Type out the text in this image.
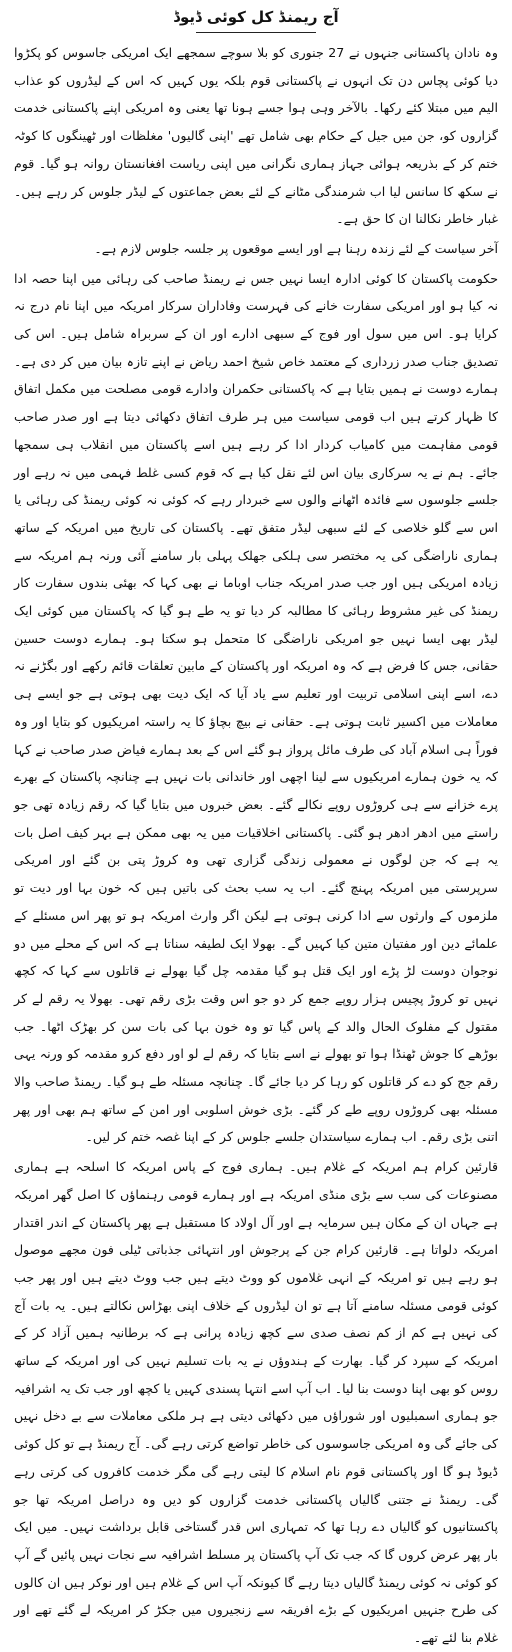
آج ریمنڈ کل کوئی ڈیوڈ

وہ نادان پاکستانی جنہوں نے 27 جنوری کو بلا سوچے سمجھے ایک امریکی جاسوس کو پکڑوا دیا کوئی پچاس دن تک انہوں نے پاکستانی قوم بلکہ یوں کہیں کہ اس کے لیڈروں کو عذاب الیم میں مبتلا کئے رکھا۔ بالآخر وہی ہوا جسے ہونا تھا یعنی وہ امریکی اپنے پاکستانی خدمت گزاروں کو، جن میں جیل کے حکام بھی شامل تھے 'اپنی گالیوں' مغلظات اور ٹھینگوں کا کوٹہ ختم کر کے بذریعہ ہوائی جہاز ہماری نگرانی میں اپنی ریاست افغانستان روانہ ہو گیا۔ قوم نے سکھ کا سانس لیا اب شرمندگی مٹانے کے لئے بعض جماعتوں کے لیڈر جلوس کر رہے ہیں۔ غبار خاطر نکالنا ان کا حق ہے۔

آخر سیاست کے لئے زندہ رہنا ہے اور ایسے موقعوں پر جلسہ جلوس لازم ہے۔

حکومت پاکستان کا کوئی ادارہ ایسا نہیں جس نے ریمنڈ صاحب کی رہائی میں اپنا حصہ ادا نہ کیا ہو اور امریکی سفارت خانے کی فہرست وفاداران سرکار امریکہ میں اپنا نام درج نہ کرایا ہو۔ اس میں سول اور فوج کے سبھی ادارے اور ان کے سربراہ شامل ہیں۔ اس کی تصدیق جناب صدر زرداری کے معتمد خاص شیخ احمد ریاض نے اپنے تازہ بیان میں کر دی ہے۔ ہمارے دوست نے ہمیں بتایا ہے کہ پاکستانی حکمران وادارے قومی مصلحت میں مکمل اتفاق کا ظہار کرتے ہیں اب قومی سیاست میں ہر طرف اتفاق دکھائی دیتا ہے اور صدر صاحب قومی مفاہمت میں کامیاب کردار ادا کر رہے ہیں اسے پاکستان میں انقلاب ہی سمجھا جائے۔ ہم نے یہ سرکاری بیان اس لئے نقل کیا ہے کہ قوم کسی غلط فہمی میں نہ رہے اور جلسے جلوسوں سے فائدہ اٹھانے والوں سے خبردار رہے کہ کوئی نہ کوئی ریمنڈ کی رہائی یا اس سے گلو خلاصی کے لئے سبھی لیڈر متفق تھے۔ پاکستان کی تاریخ میں امریکہ کے ساتھ ہماری ناراضگی کی یہ مختصر سی ہلکی جھلک پہلی بار سامنے آئی ورنہ ہم امریکہ سے زیادہ امریکی ہیں اور جب صدر امریکہ جناب اوباما نے بھی کہا کہ بھئی بندوں سفارت کار ریمنڈ کی غیر مشروط رہائی کا مطالبہ کر دیا تو یہ طے ہو گیا کہ پاکستان میں کوئی ایک لیڈر بھی ایسا نہیں جو امریکی ناراضگی کا متحمل ہو سکتا ہو۔ ہمارے دوست حسین حقانی، جس کا فرض ہے کہ وہ امریکہ اور پاکستان کے مابین تعلقات قائم رکھے اور بگڑنے نہ دے، اسے اپنی اسلامی تربیت اور تعلیم سے یاد آیا کہ ایک دیت بھی ہوتی ہے جو ایسے ہی معاملات میں اکسیر ثابت ہوتی ہے۔ حقانی نے بیچ بچاؤ کا یہ راستہ امریکیوں کو بتایا اور وہ فوراً ہی اسلام آباد کی طرف مائل پرواز ہو گئے اس کے بعد ہمارے فیاض صدر صاحب نے کہا کہ یہ خون ہمارے امریکیوں سے لینا اچھی اور خاندانی بات نہیں ہے چنانچہ پاکستان کے بھرے پرے خزانے سے ہی کروڑوں روپے نکالے گئے۔ بعض خبروں میں بتایا گیا کہ رقم زیادہ تھی جو راستے میں ادھر ادھر ہو گئی۔ پاکستانی اخلاقیات میں یہ بھی ممکن ہے بہر کیف اصل بات یہ ہے کہ جن لوگوں نے معمولی زندگی گزاری تھی وہ کروڑ پتی بن گئے اور امریکی سرپرستی میں امریکہ پہنچ گئے۔ اب یہ سب بحث کی باتیں ہیں کہ خون بہا اور دیت تو ملزموں کے وارثوں سے ادا کرنی ہوتی ہے لیکن اگر وارث امریکہ ہو تو پھر اس مسئلے کے علمائے دین اور مفتیان متین کیا کہیں گے۔ بھولا ایک لطیفہ سناتا ہے کہ اس کے محلے میں دو نوجوان دوست لڑ پڑے اور ایک قتل ہو گیا مقدمہ چل گیا بھولے نے قاتلوں سے کہا کہ کچھ نہیں تو کروڑ پچیس ہزار روپے جمع کر دو جو اس وقت بڑی رقم تھی۔ بھولا یہ رقم لے کر مقتول کے مفلوک الحال والد کے پاس گیا تو وہ خون بہا کی بات سن کر بھڑک اٹھا۔ جب بوڑھے کا جوش ٹھنڈا ہوا تو بھولے نے اسے بتایا کہ رقم لے لو اور دفع کرو مقدمہ کو ورنہ یہی رقم جج کو دے کر قاتلوں کو رہا کر دیا جائے گا۔ چنانچہ مسئلہ طے ہو گیا۔ ریمنڈ صاحب والا مسئلہ بھی کروڑوں روپے طے کر گئے۔ بڑی خوش اسلوبی اور امن کے ساتھ ہم بھی اور پھر اتنی بڑی رقم۔ اب ہمارے سیاستدان جلسے جلوس کر کے اپنا غصہ ختم کر لیں۔

قارئین کرام ہم امریکہ کے غلام ہیں۔ ہماری فوج کے پاس امریکہ کا اسلحہ ہے ہماری مصنوعات کی سب سے بڑی منڈی امریکہ ہے اور ہمارے قومی رہنماؤں کا اصل گھر امریکہ ہے جہاں ان کے مکان ہیں سرمایہ ہے اور آل اولاد کا مستقبل ہے پھر پاکستان کے اندر اقتدار امریکہ دلواتا ہے۔ قارئین کرام جن کے پرجوش اور انتہائی جذباتی ٹیلی فون مجھے موصول ہو رہے ہیں تو امریکہ کے انہی غلاموں کو ووٹ دیتے ہیں جب ووٹ دیتے ہیں اور پھر جب کوئی قومی مسئلہ سامنے آتا ہے تو ان لیڈروں کے خلاف اپنی بھڑاس نکالتے ہیں۔ یہ بات آج کی نہیں ہے کم از کم نصف صدی سے کچھ زیادہ پرانی ہے کہ برطانیہ ہمیں آزاد کر کے امریکہ کے سپرد کر گیا۔ بھارت کے ہندوؤں نے یہ بات تسلیم نہیں کی اور امریکہ کے ساتھ روس کو بھی اپنا دوست بنا لیا۔ اب آپ اسے انتہا پسندی کہیں یا کچھ اور جب تک یہ اشرافیہ جو ہماری اسمبلیوں اور شوراؤں میں دکھائی دیتی ہے ہر ملکی معاملات سے بے دخل نہیں کی جائے گی وہ امریکی جاسوسوں کی خاطر تواضع کرتی رہے گی۔ آج ریمنڈ ہے تو کل کوئی ڈیوڈ ہو گا اور پاکستانی قوم نام اسلام کا لیتی رہے گی مگر خدمت کافروں کی کرتی رہے گی۔ ریمنڈ نے جتنی گالیاں پاکستانی خدمت گزاروں کو دیں وہ دراصل امریکہ تھا جو پاکستانیوں کو گالیاں دے رہا تھا کہ تمہاری اس قدر گستاخی قابل برداشت نہیں۔ میں ایک بار پھر عرض کروں گا کہ جب تک آپ پاکستان پر مسلط اشرافیہ سے نجات نہیں پائیں گے آپ کو کوئی نہ کوئی ریمنڈ گالیاں دیتا رہے گا کیونکہ آپ اس کے غلام ہیں اور نوکر ہیں ان کالوں کی طرح جنہیں امریکیوں کے بڑے افریقہ سے زنجیروں میں جکڑ کر امریکہ لے گئے تھے اور غلام بنا لئے تھے۔
